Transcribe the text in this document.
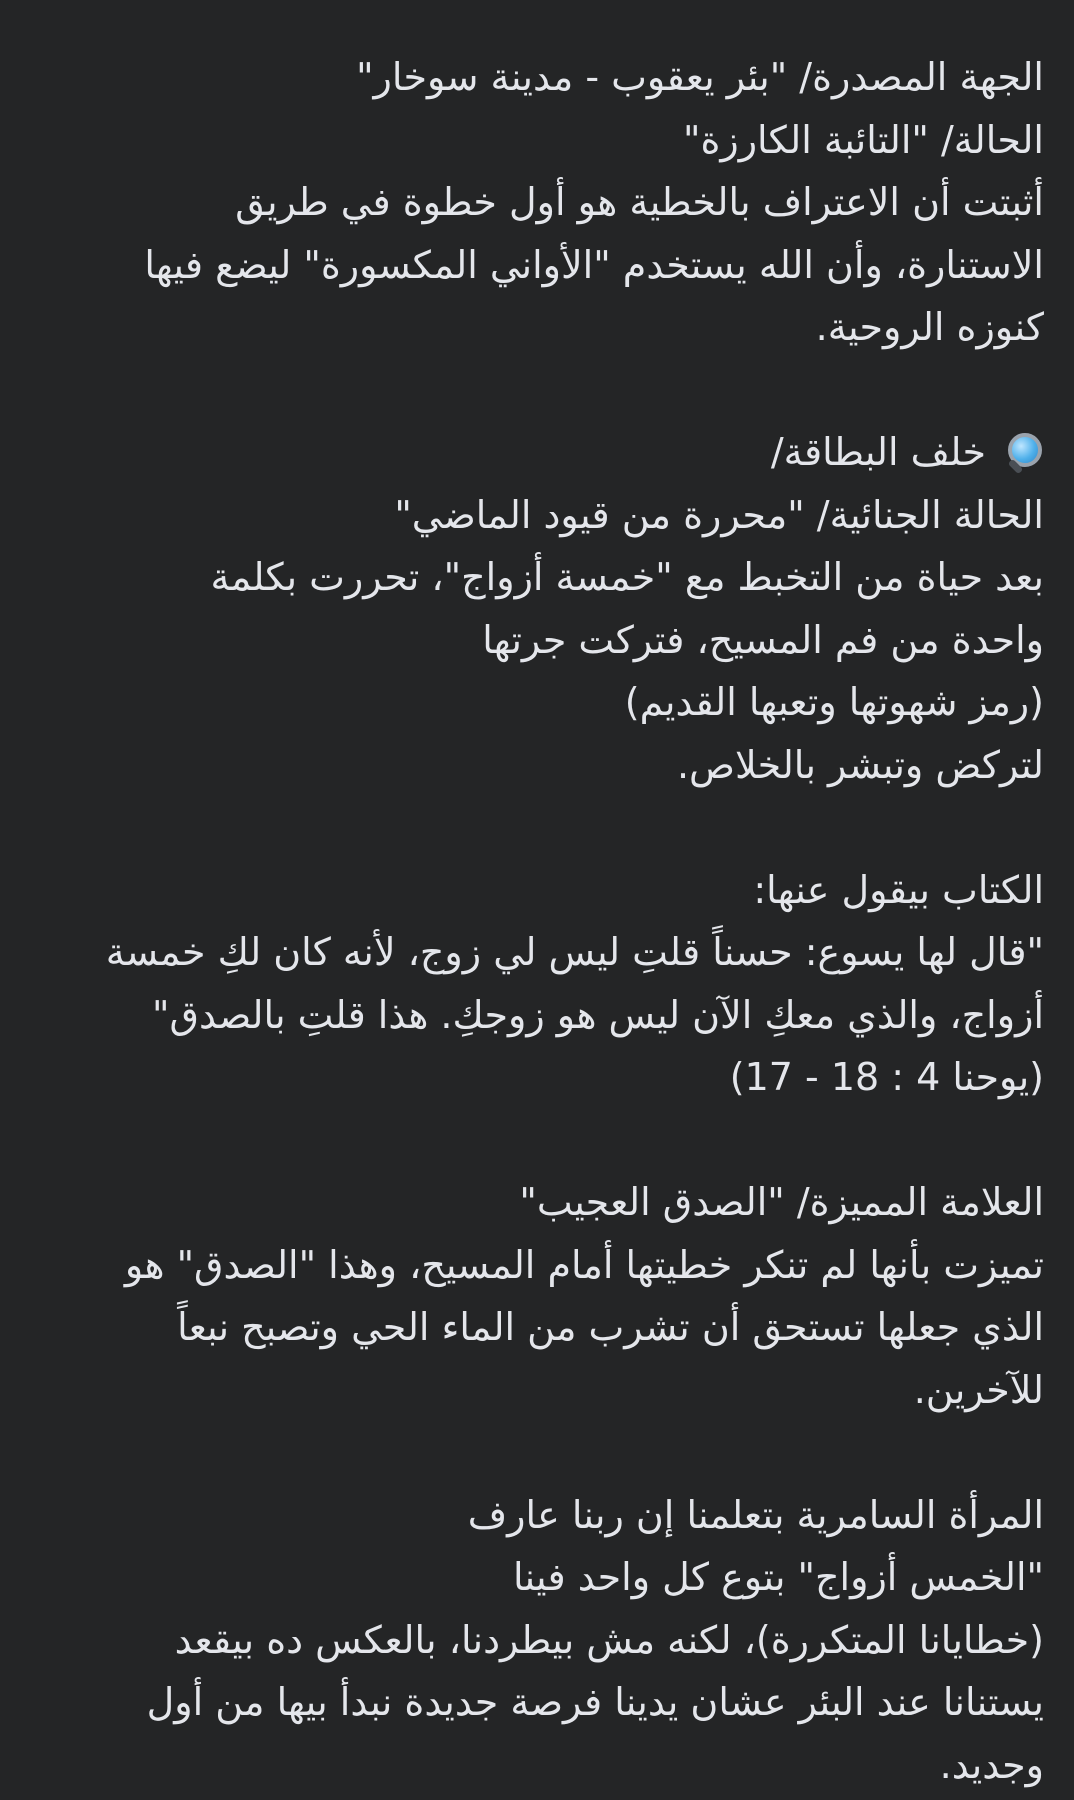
الجهة المصدرة/ "بئر يعقوب - مدينة سوخار"
الحالة/ "التائبة الكارزة"
أثبتت أن الاعتراف بالخطية هو أول خطوة في طريق
الاستنارة، وأن الله يستخدم "الأواني المكسورة" ليضع فيها
كنوزه الروحية.
خلف البطاقة/
الحالة الجنائية/ "محررة من قيود الماضي"
بعد حياة من التخبط مع "خمسة أزواج"، تحررت بكلمة
واحدة من فم المسيح، فتركت جرتها
(رمز شهوتها وتعبها القديم)
لتركض وتبشر بالخلاص.
الكتاب بيقول عنها:
"قال لها يسوع: حسناً قلتِ ليس لي زوج، لأنه كان لكِ خمسة
أزواج، والذي معكِ الآن ليس هو زوجكِ. هذا قلتِ بالصدق"
(يوحنا 4 : 18 - 17)
العلامة المميزة/ "الصدق العجيب"
تميزت بأنها لم تنكر خطيتها أمام المسيح، وهذا "الصدق" هو
الذي جعلها تستحق أن تشرب من الماء الحي وتصبح نبعاً
للآخرين.
المرأة السامرية بتعلمنا إن ربنا عارف
"الخمس أزواج" بتوع كل واحد فينا
(خطايانا المتكررة)، لكنه مش بيطردنا، بالعكس ده بيقعد
يستنانا عند البئر عشان يدينا فرصة جديدة نبدأ بيها من أول
وجديد.
